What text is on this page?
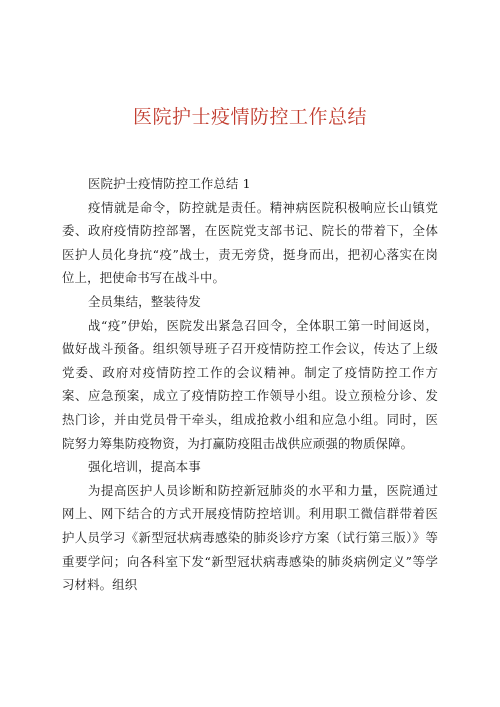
医院护士疫情防控工作总结

医院护士疫情防控工作总结 1

疫情就是命令，防控就是责任。精神病医院积极响应长山镇党委、政府疫情防控部署，在医院党支部书记、院长的带着下，全体医护人员化身抗“疫”战士，责无旁贷，挺身而出，把初心落实在岗位上，把使命书写在战斗中。

全员集结，整装待发

战“疫”伊始，医院发出紧急召回令，全体职工第一时间返岗，做好战斗预备。组织领导班子召开疫情防控工作会议，传达了上级党委、政府对疫情防控工作的会议精神。制定了疫情防控工作方案、应急预案，成立了疫情防控工作领导小组。设立预检分诊、发热门诊，并由党员骨干牵头，组成抢救小组和应急小组。同时，医院努力筹集防疫物资，为打赢防疫阻击战供应顽强的物质保障。

强化培训，提高本事

为提高医护人员诊断和防控新冠肺炎的水平和力量，医院通过网上、网下结合的方式开展疫情防控培训。利用职工微信群带着医护人员学习《新型冠状病毒感染的肺炎诊疗方案（试行第三版）》等重要学问；向各科室下发“新型冠状病毒感染的肺炎病例定义”等学习材料。组织
